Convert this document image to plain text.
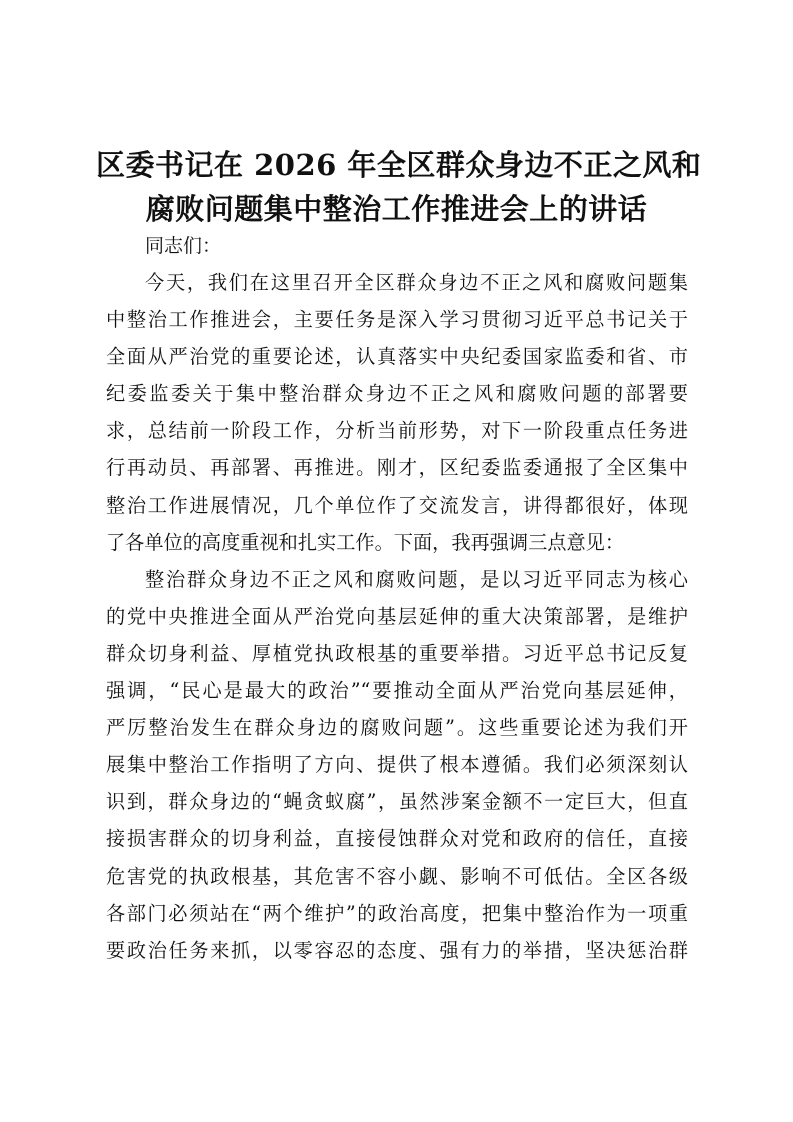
区委书记在 2026 年全区群众身边不正之风和
腐败问题集中整治工作推进会上的讲话

同志们：

今天，我们在这里召开全区群众身边不正之风和腐败问题集
中整治工作推进会，主要任务是深入学习贯彻习近平总书记关于
全面从严治党的重要论述，认真落实中央纪委国家监委和省、市
纪委监委关于集中整治群众身边不正之风和腐败问题的部署要
求，总结前一阶段工作，分析当前形势，对下一阶段重点任务进
行再动员、再部署、再推进。刚才，区纪委监委通报了全区集中
整治工作进展情况，几个单位作了交流发言，讲得都很好，体现
了各单位的高度重视和扎实工作。下面，我再强调三点意见：
整治群众身边不正之风和腐败问题，是以习近平同志为核心
的党中央推进全面从严治党向基层延伸的重大决策部署，是维护
群众切身利益、厚植党执政根基的重要举措。习近平总书记反复
强调，“民心是最大的政治”“要推动全面从严治党向基层延伸，
严厉整治发生在群众身边的腐败问题”。这些重要论述为我们开
展集中整治工作指明了方向、提供了根本遵循。我们必须深刻认
识到，群众身边的“蝇贪蚁腐”，虽然涉案金额不一定巨大，但直
接损害群众的切身利益，直接侵蚀群众对党和政府的信任，直接
危害党的执政根基，其危害不容小觑、影响不可低估。全区各级
各部门必须站在“两个维护”的政治高度，把集中整治作为一项重
要政治任务来抓，以零容忍的态度、强有力的举措，坚决惩治群
